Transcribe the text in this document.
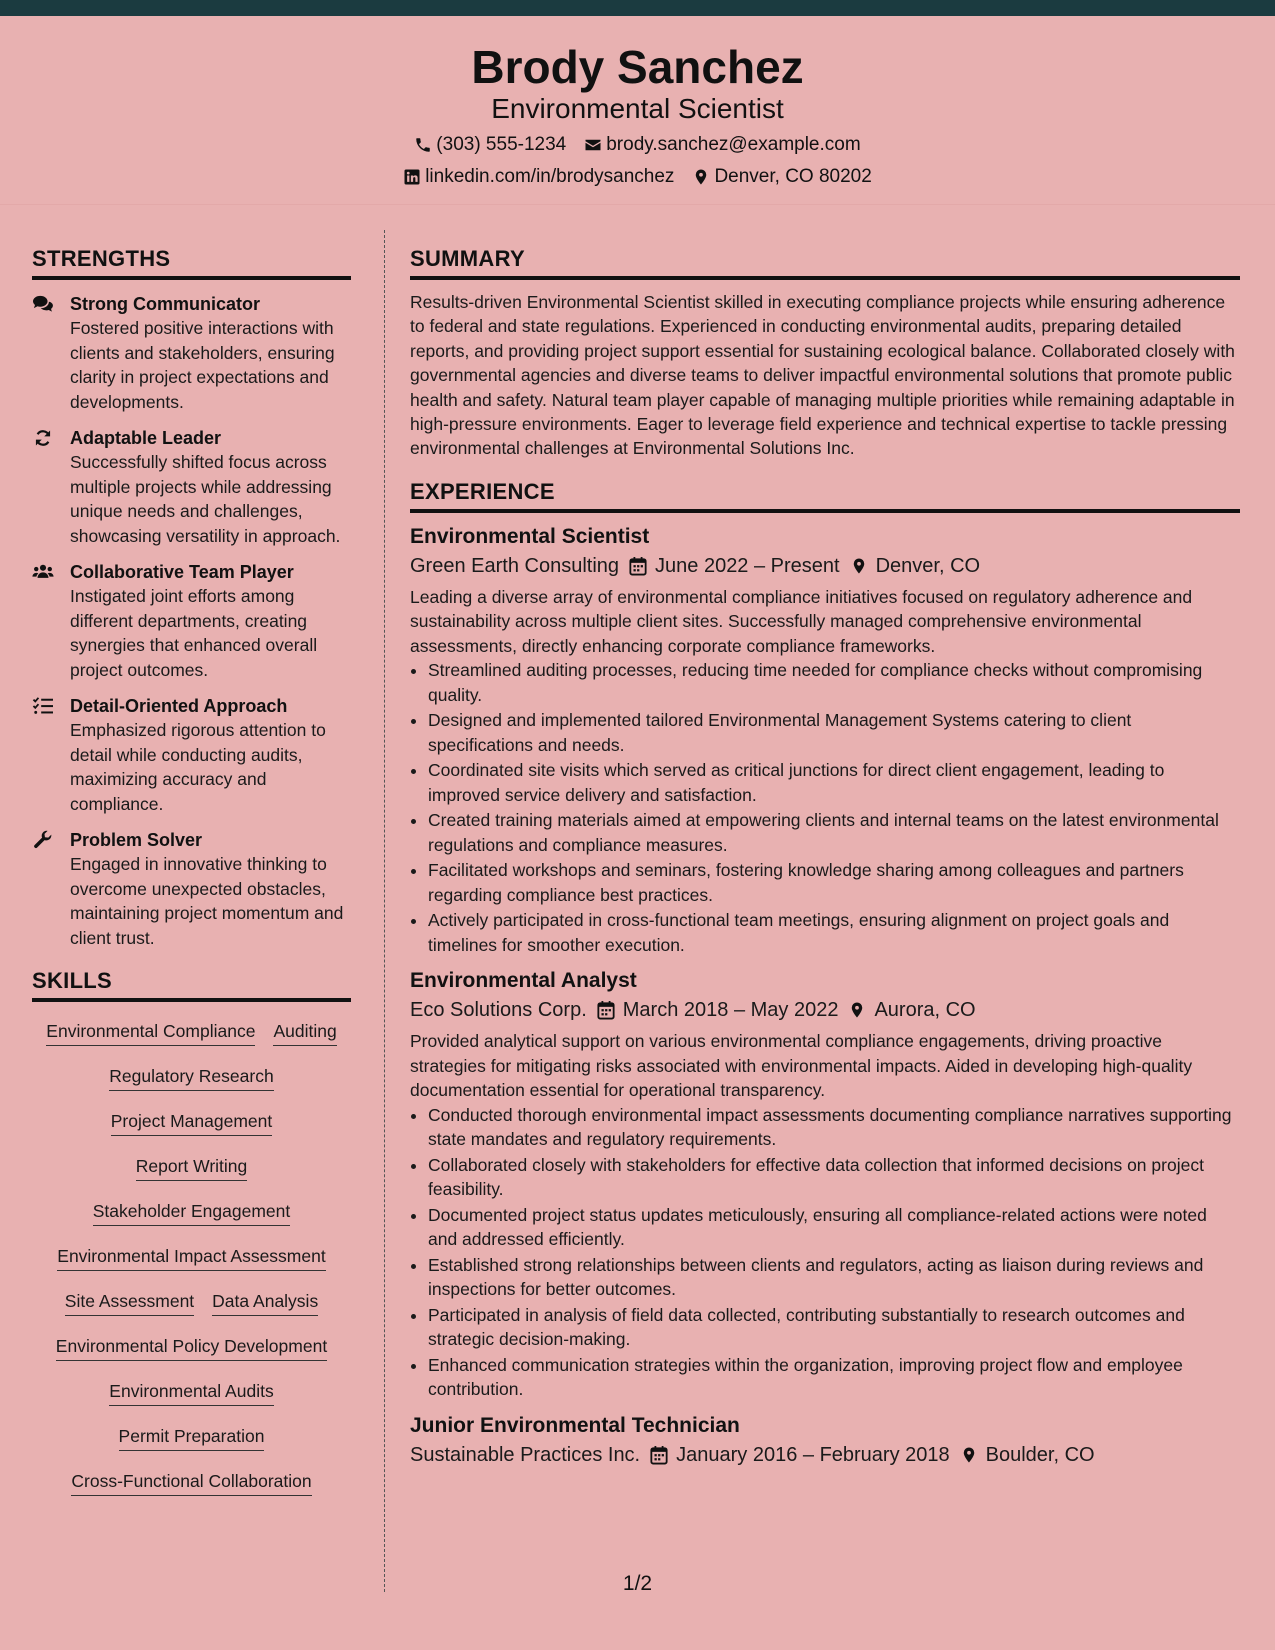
Brody Sanchez
Environmental Scientist
(303) 555-1234 brody.sanchez@example.com
linkedin.com/in/brodysanchez Denver, CO 80202
STRENGTHS
Strong Communicator
Fostered positive interactions with clients and stakeholders, ensuring clarity in project expectations and developments.
Adaptable Leader
Successfully shifted focus across multiple projects while addressing unique needs and challenges, showcasing versatility in approach.
Collaborative Team Player
Instigated joint efforts among different departments, creating synergies that enhanced overall project outcomes.
Detail-Oriented Approach
Emphasized rigorous attention to detail while conducting audits, maximizing accuracy and compliance.
Problem Solver
Engaged in innovative thinking to overcome unexpected obstacles, maintaining project momentum and client trust.
SKILLS
Environmental Compliance Auditing
Regulatory Research
Project Management
Report Writing
Stakeholder Engagement
Environmental Impact Assessment
Site Assessment Data Analysis
Environmental Policy Development
Environmental Audits
Permit Preparation
Cross-Functional Collaboration
SUMMARY

Results-driven Environmental Scientist skilled in executing compliance projects while ensuring adherence to federal and state regulations. Experienced in conducting environmental audits, preparing detailed reports, and providing project support essential for sustaining ecological balance. Collaborated closely with governmental agencies and diverse teams to deliver impactful environmental solutions that promote public health and safety. Natural team player capable of managing multiple priorities while remaining adaptable in high-pressure environments. Eager to leverage field experience and technical expertise to tackle pressing environmental challenges at Environmental Solutions Inc.

EXPERIENCE
Environmental Scientist
Green Earth Consulting June 2022 – Present Denver, CO

Leading a diverse array of environmental compliance initiatives focused on regulatory adherence and sustainability across multiple client sites. Successfully managed comprehensive environmental assessments, directly enhancing corporate compliance frameworks.

• Streamlined auditing processes, reducing time needed for compliance checks without compromising quality.
• Designed and implemented tailored Environmental Management Systems catering to client specifications and needs.
• Coordinated site visits which served as critical junctions for direct client engagement, leading to improved service delivery and satisfaction.
• Created training materials aimed at empowering clients and internal teams on the latest environmental regulations and compliance measures.
• Facilitated workshops and seminars, fostering knowledge sharing among colleagues and partners regarding compliance best practices.
• Actively participated in cross-functional team meetings, ensuring alignment on project goals and timelines for smoother execution.
Environmental Analyst
Eco Solutions Corp. March 2018 – May 2022 Aurora, CO

Provided analytical support on various environmental compliance engagements, driving proactive strategies for mitigating risks associated with environmental impacts. Aided in developing high-quality documentation essential for operational transparency.

• Conducted thorough environmental impact assessments documenting compliance narratives supporting state mandates and regulatory requirements.
• Collaborated closely with stakeholders for effective data collection that informed decisions on project feasibility.
• Documented project status updates meticulously, ensuring all compliance-related actions were noted and addressed efficiently.
• Established strong relationships between clients and regulators, acting as liaison during reviews and inspections for better outcomes.
• Participated in analysis of field data collected, contributing substantially to research outcomes and strategic decision-making.
• Enhanced communication strategies within the organization, improving project flow and employee contribution.
Junior Environmental Technician
Sustainable Practices Inc. January 2016 – February 2018 Boulder, CO
1/2
